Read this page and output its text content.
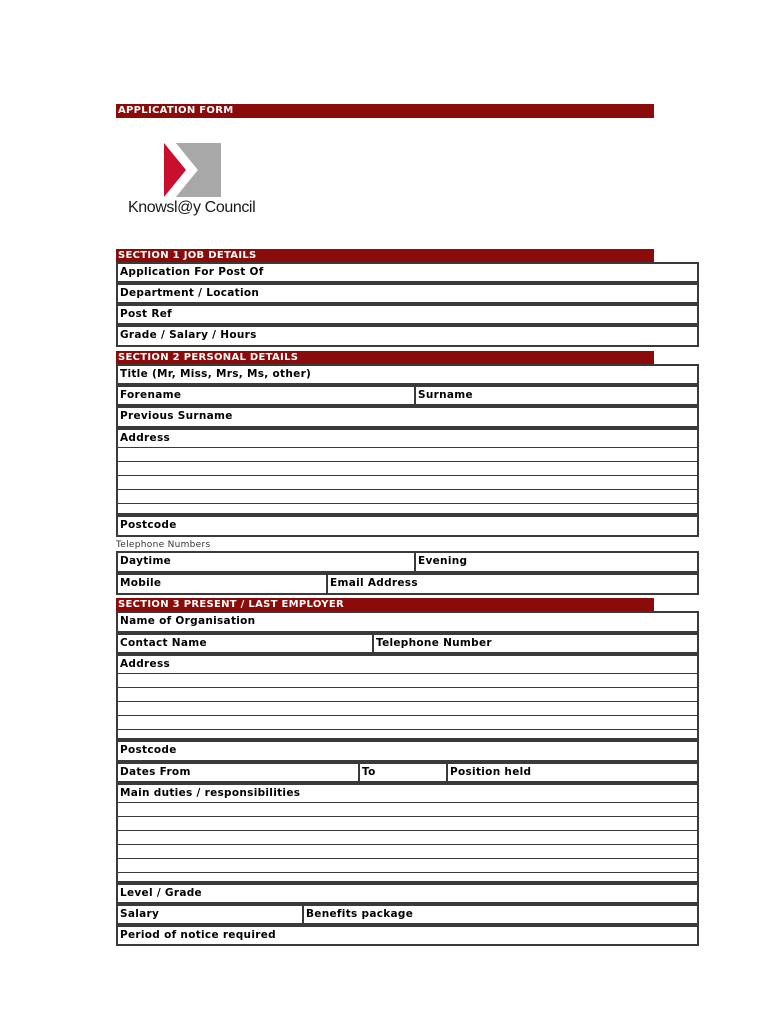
APPLICATION FORM
Knowsl@y Council
SECTION 1 JOB DETAILS
Application For Post Of
Department / Location
Post Ref
Grade / Salary / Hours
SECTION 2 PERSONAL DETAILS
Title (Mr, Miss, Mrs, Ms, other)
Forename	Surname
Previous Surname
Address
Postcode
Telephone Numbers
Daytime	Evening
Mobile	Email Address
SECTION 3 PRESENT / LAST EMPLOYER
Name of Organisation
Contact Name	Telephone Number
Address
Postcode
Dates From	To	Position held
Main duties / responsibilities
Level / Grade
Salary	Benefits package
Period of notice required
